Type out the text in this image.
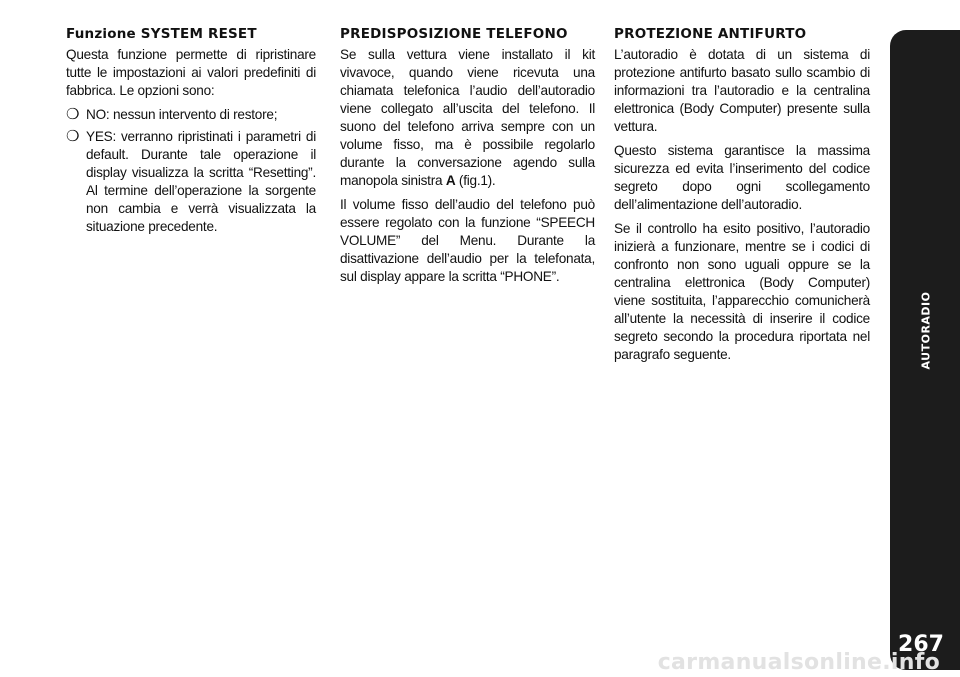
Funzione SYSTEM RESET

Questa funzione permette di ripristinare tutte le impostazioni ai valori predefiniti di fabbrica. Le opzioni sono:

❍ NO: nessun intervento di restore;
❍ YES: verranno ripristinati i parametri di default. Durante tale operazione il display visualizza la scritta “Resetting”. Al termine dell’operazione la sorgente non cambia e verrà visualizzata la situazione precedente.
PREDISPOSIZIONE TELEFONO

Se sulla vettura viene installato il kit vivavoce, quando viene ricevuta una chiamata telefonica l’audio dell’autoradio viene collegato all’uscita del telefono. Il suono del telefono arriva sempre con un volume fisso, ma è possibile regolarlo durante la conversazione agendo sulla manopola sinistra A (fig.1).

Il volume fisso dell’audio del telefono può essere regolato con la funzione “SPEECH VOLUME” del Menu. Durante la disattivazione dell’audio per la telefonata, sul display appare la scritta “PHONE”.

PROTEZIONE ANTIFURTO

L’autoradio è dotata di un sistema di protezione antifurto basato sullo scambio di informazioni tra l’autoradio e la centralina elettronica (Body Computer) presente sulla vettura.

Questo sistema garantisce la massima sicurezza ed evita l’inserimento del codice segreto dopo ogni scollegamento dell’alimentazione dell’autoradio.

Se il controllo ha esito positivo, l’autoradio inizierà a funzionare, mentre se i codici di confronto non sono uguali oppure se la centralina elettronica (Body Computer) viene sostituita, l’apparecchio comunicherà all’utente la necessità di inserire il codice segreto secondo la procedura riportata nel paragrafo seguente.	AUTORADIO
267
carmanualsonline.info
